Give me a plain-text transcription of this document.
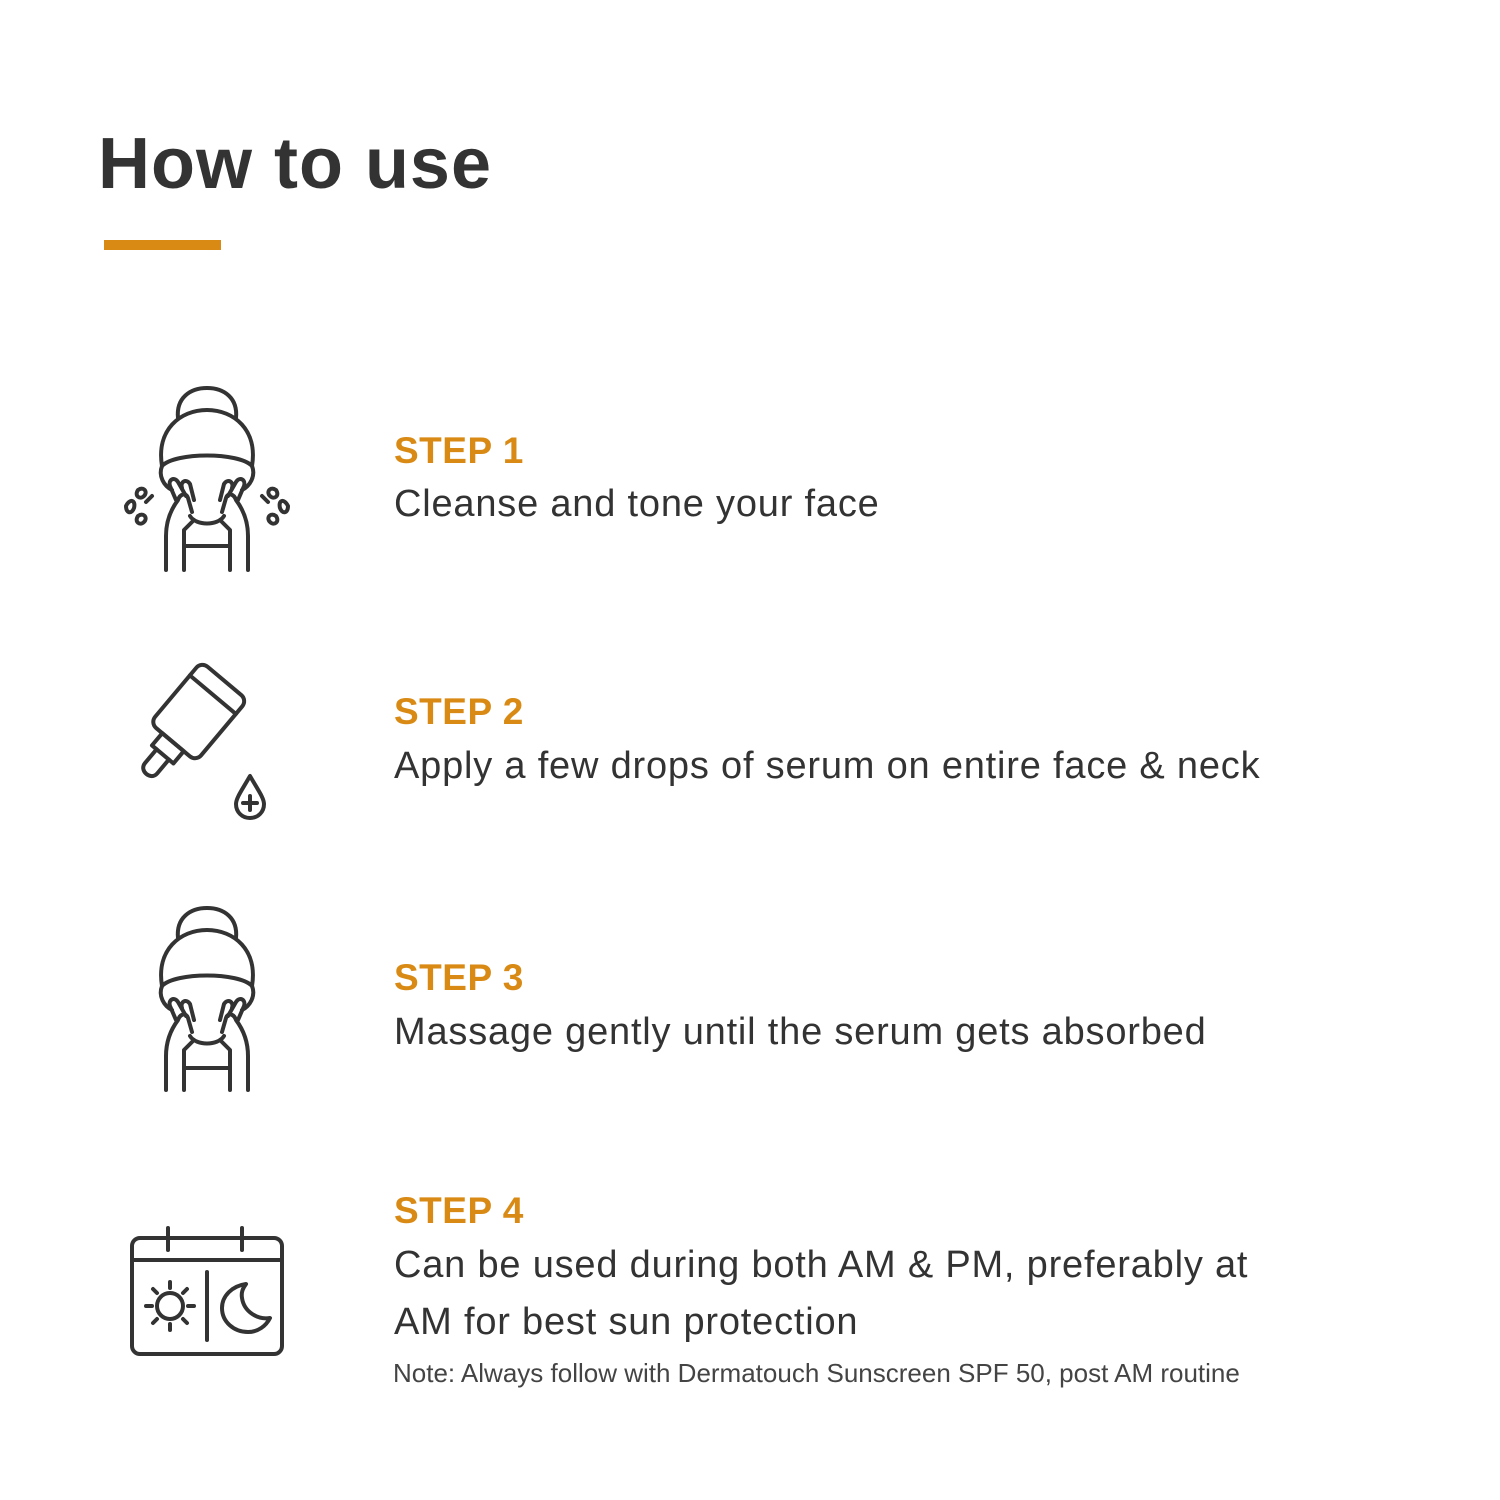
How to use
STEP 1

Cleanse and tone your face

STEP 2

Apply a few drops of serum on entire face & neck

STEP 3

Massage gently until the serum gets absorbed

STEP 4

Can be used during both AM & PM, preferably at

AM for best sun protection

Note: Always follow with Dermatouch Sunscreen SPF 50, post AM routine
